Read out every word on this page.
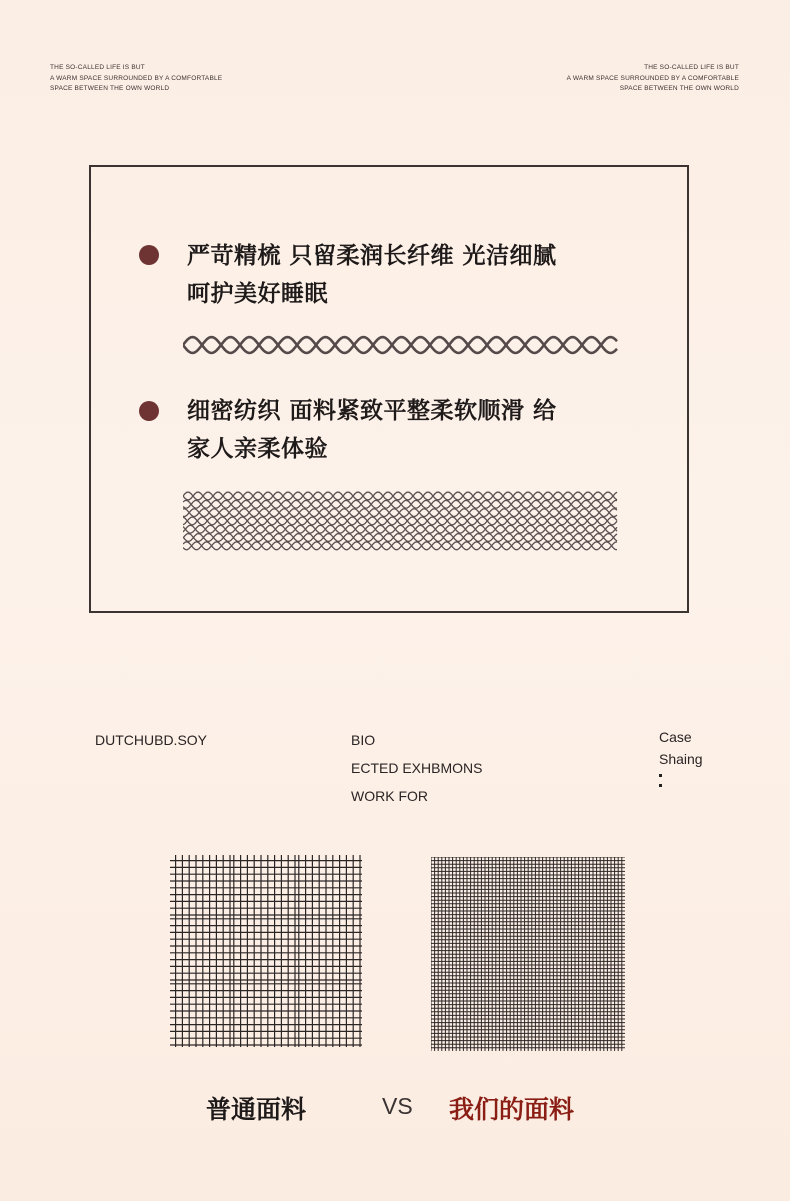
THE SO-CALLED LIFE IS BUT
A WARM SPACE SURROUNDED BY A COMFORTABLE
SPACE BETWEEN THE OWN WORLD
THE SO-CALLED LIFE IS BUT
A WARM SPACE SURROUNDED BY A COMFORTABLE
SPACE BETWEEN THE OWN WORLD
严苛精梳 只留柔润长纤维 光洁细腻
呵护美好睡眠
细密纺织 面料紧致平整柔软顺滑 给
家人亲柔体验
DUTCHUBD.SOY	BIO
ECTED EXHBMONS
WORK FOR
Case
Shaing
普通面料	VS 我们的面料
